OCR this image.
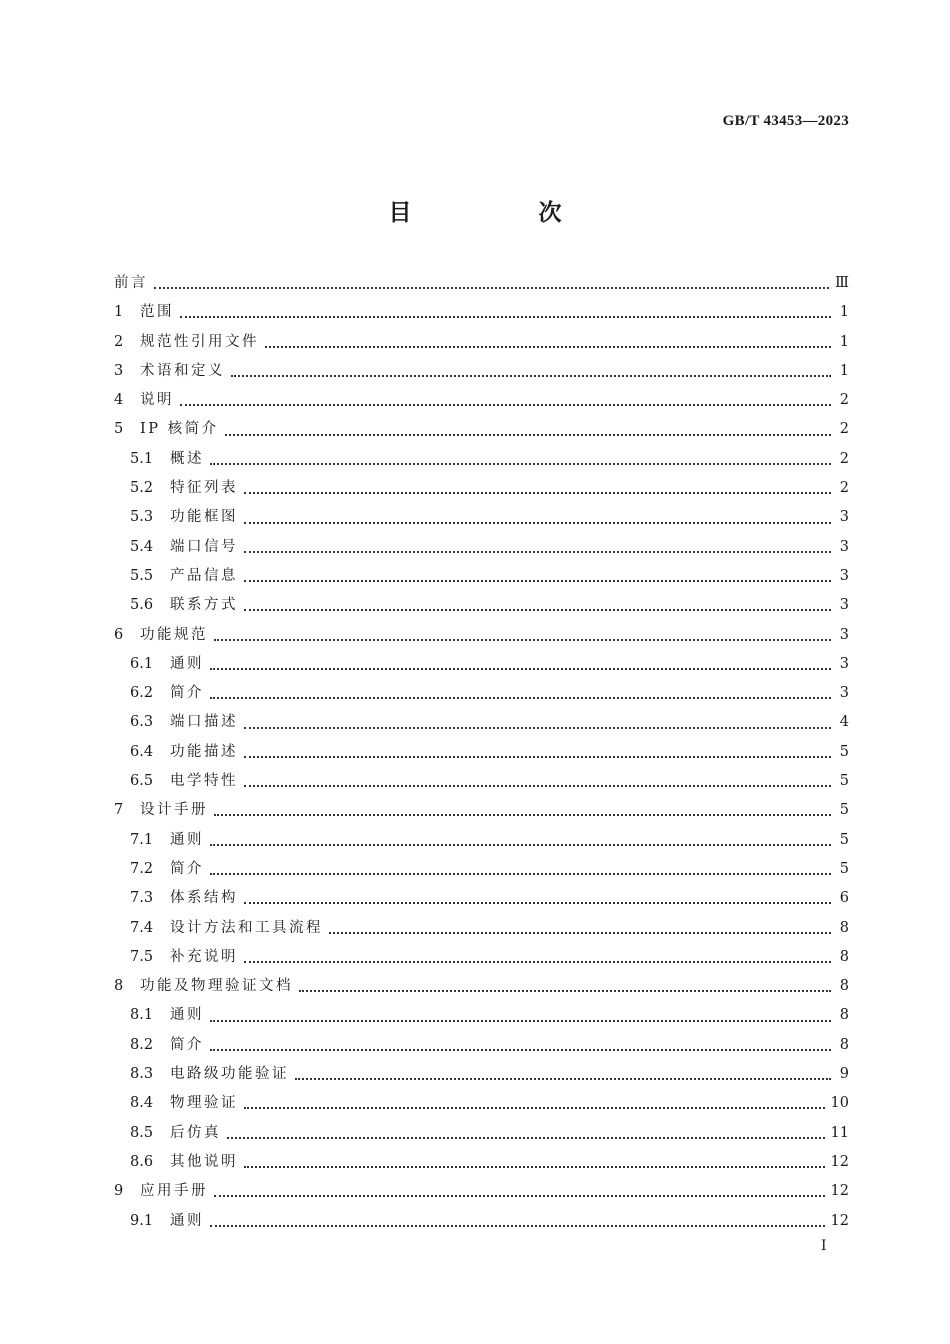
GB/T 43453—2023
目　次
前言	Ⅲ
1	范围	1
2	规范性引用文件	1
3	术语和定义	1
4	说明	2
5	IP 核简介	2
5.1	概述	2
5.2	特征列表	2
5.3	功能框图	3
5.4	端口信号	3
5.5	产品信息	3
5.6	联系方式	3
6	功能规范	3
6.1	通则	3
6.2	简介	3
6.3	端口描述	4
6.4	功能描述	5
6.5	电学特性	5
7	设计手册	5
7.1	通则	5
7.2	简介	5
7.3	体系结构	6
7.4	设计方法和工具流程	8
7.5	补充说明	8
8	功能及物理验证文档	8
8.1	通则	8
8.2	简介	8
8.3	电路级功能验证	9
8.4	物理验证	10
8.5	后仿真	11
8.6	其他说明	12
9	应用手册	12
9.1	通则	12
Ⅰ
